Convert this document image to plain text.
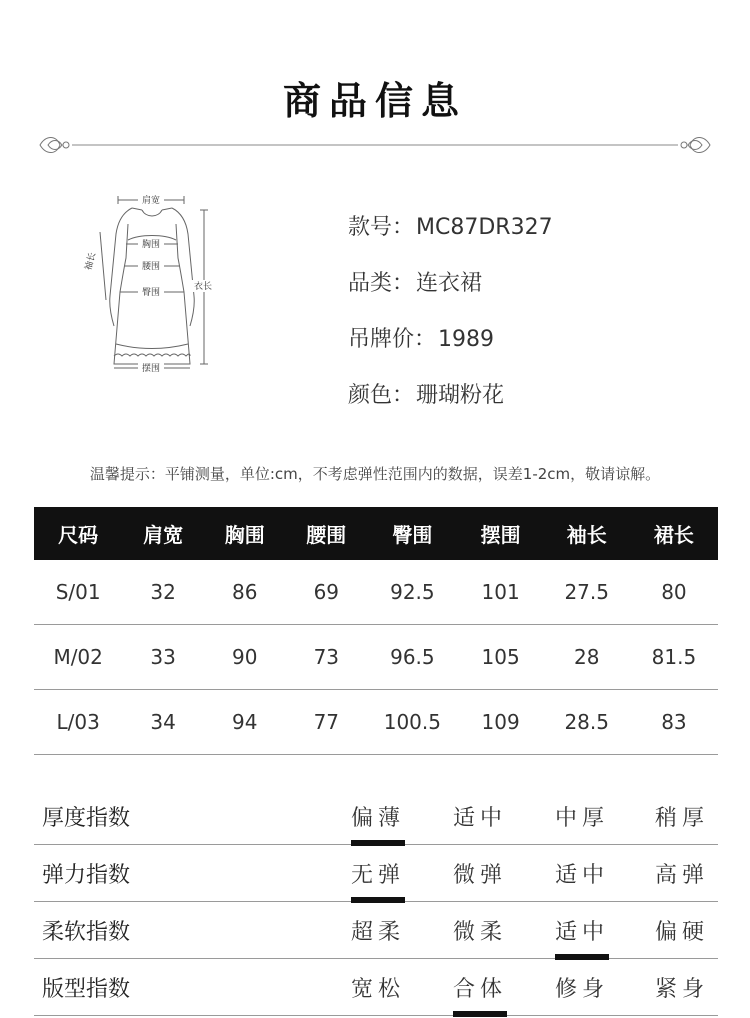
商品信息
肩宽
胸围
腰围
臀围
摆围
衣长
袖长
款号：MC87DR327
品类：连衣裙
吊牌价：1989
颜色：珊瑚粉花
温馨提示：平铺测量，单位:cm，不考虑弹性范围内的数据，误差1-2cm，敬请谅解。
尺码	肩宽	胸围	腰围	臀围	摆围	袖长	裙长
S/01	32	86	69	92.5	101	27.5	80
M/02	33	90	73	96.5	105	28	81.5
L/03	34	94	77	100.5	109	28.5	83
厚度指数	偏薄 适中 中厚 稍厚
弹力指数	无弹 微弹 适中 高弹
柔软指数	超柔 微柔 适中 偏硬
版型指数	宽松 合体 修身 紧身
